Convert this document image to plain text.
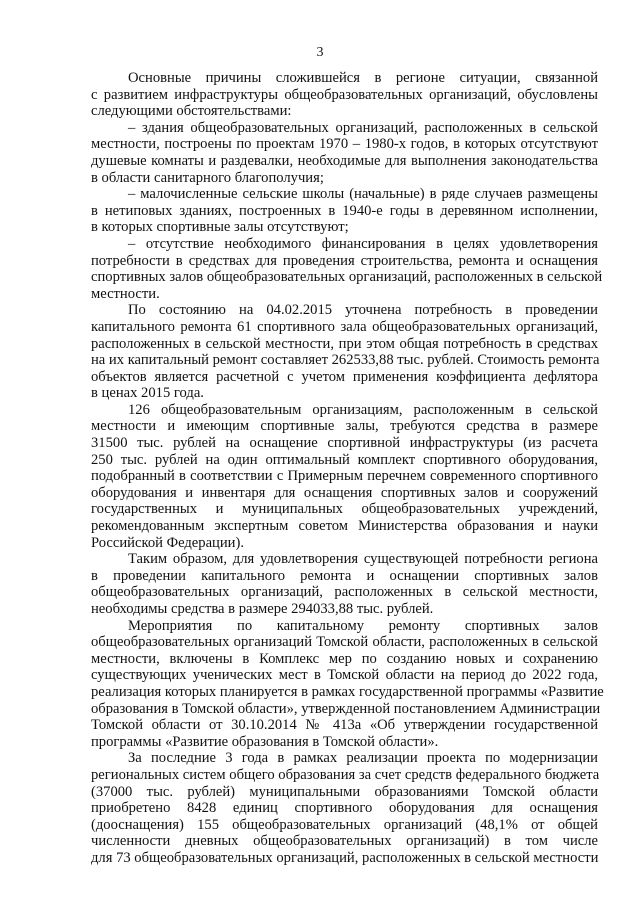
3
Основные причины сложившейся в регионе ситуации, связанной
с развитием инфраструктуры общеобразовательных организаций, обусловлены
следующими обстоятельствами:
– здания общеобразовательных организаций, расположенных в сельской
местности, построены по проектам 1970 – 1980-х годов, в которых отсутствуют
душевые комнаты и раздевалки, необходимые для выполнения законодательства
в области санитарного благополучия;
– малочисленные сельские школы (начальные) в ряде случаев размещены
в нетиповых зданиях, построенных в 1940-е годы в деревянном исполнении,
в которых спортивные залы отсутствуют;
– отсутствие необходимого финансирования в целях удовлетворения
потребности в средствах для проведения строительства, ремонта и оснащения
спортивных залов общеобразовательных организаций, расположенных в сельской
местности.
По состоянию на 04.02.2015 уточнена потребность в проведении
капитального ремонта 61 спортивного зала общеобразовательных организаций,
расположенных в сельской местности, при этом общая потребность в средствах
на их капитальный ремонт составляет 262533,88 тыс. рублей. Стоимость ремонта
объектов является расчетной с учетом применения коэффициента дефлятора
в ценах 2015 года.
126 общеобразовательным организациям, расположенным в сельской
местности и имеющим спортивные залы, требуются средства в размере
31500 тыс. рублей на оснащение спортивной инфраструктуры (из расчета
250 тыс. рублей на один оптимальный комплект спортивного оборудования,
подобранный в соответствии с Примерным перечнем современного спортивного
оборудования и инвентаря для оснащения спортивных залов и сооружений
государственных и муниципальных общеобразовательных учреждений,
рекомендованным экспертным советом Министерства образования и науки
Российской Федерации).
Таким образом, для удовлетворения существующей потребности региона
в проведении капитального ремонта и оснащении спортивных залов
общеобразовательных организаций, расположенных в сельской местности,
необходимы средства в размере 294033,88 тыс. рублей.
Мероприятия по капитальному ремонту спортивных залов
общеобразовательных организаций Томской области, расположенных в сельской
местности, включены в Комплекс мер по созданию новых и сохранению
существующих ученических мест в Томской области на период до 2022 года,
реализация которых планируется в рамках государственной программы «Развитие
образования в Томской области», утвержденной постановлением Администрации
Томской области от 30.10.2014 № 413а «Об утверждении государственной
программы «Развитие образования в Томской области».
За последние 3 года в рамках реализации проекта по модернизации
региональных систем общего образования за счет средств федерального бюджета
(37000 тыс. рублей) муниципальными образованиями Томской области
приобретено 8428 единиц спортивного оборудования для оснащения
(дооснащения) 155 общеобразовательных организаций (48,1% от общей
численности дневных общеобразовательных организаций) в том числе
для 73 общеобразовательных организаций, расположенных в сельской местности
